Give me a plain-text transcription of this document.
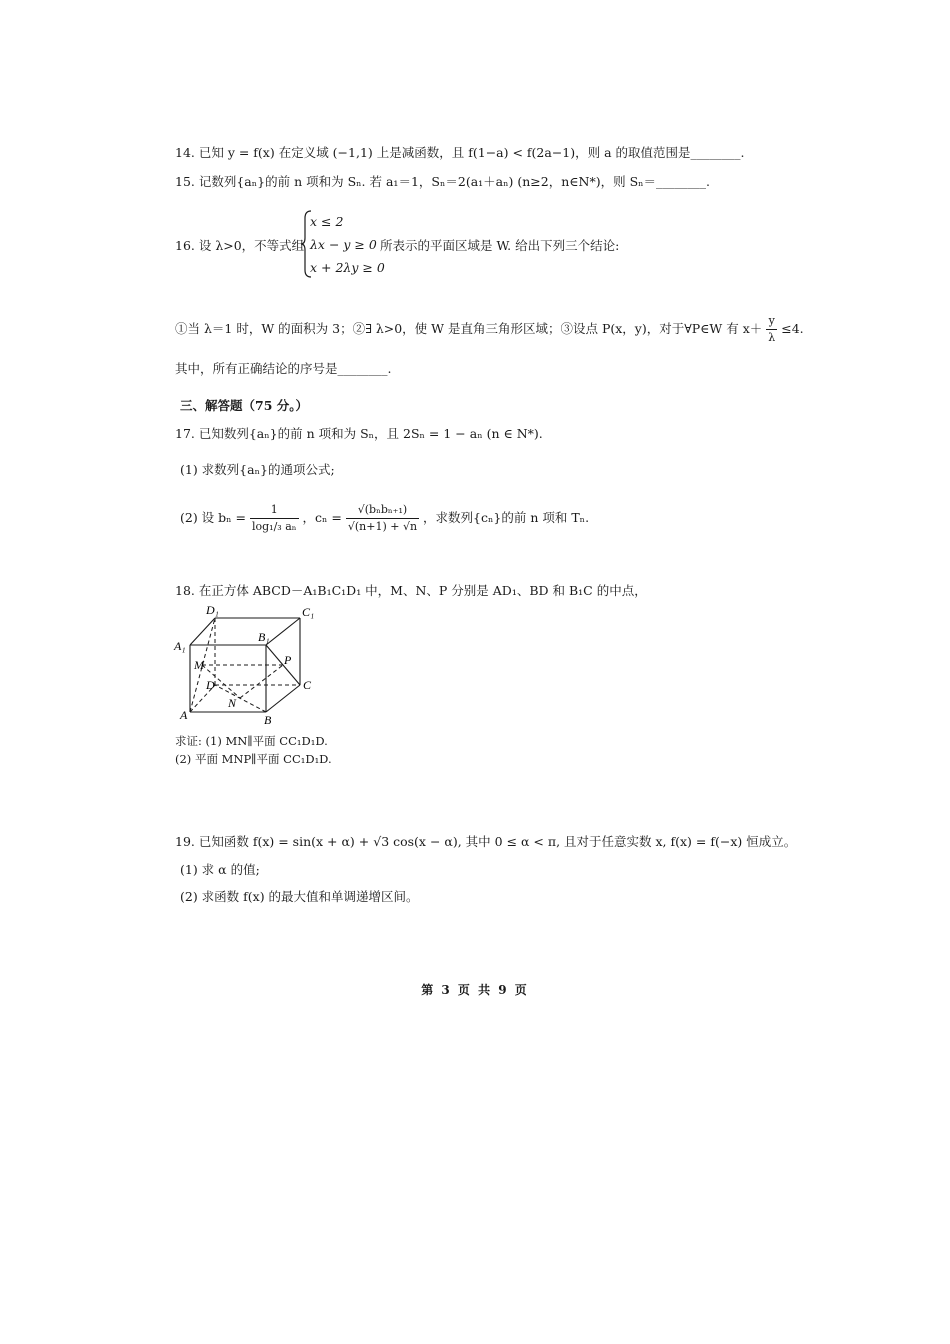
14. 已知 y = f(x) 在定义域 (−1,1) 上是减函数，且 f(1−a) < f(2a−1)，则 a 的取值范围是________.
15. 记数列{aₙ}的前 n 项和为 Sₙ. 若 a₁＝1，Sₙ＝2(a₁＋aₙ) (n≥2，n∈N*)，则 Sₙ＝________.
16. 设 λ>0，不等式组
x ≤ 2
λx − y ≥ 0
x + 2λy ≥ 0
所表示的平面区域是 W. 给出下列三个结论:
①当 λ＝1 时，W 的面积为 3；②∃ λ>0，使 W 是直角三角形区域；③设点 P(x，y)，对于∀P∈W 有 $x+ \frac{y}{\lambda} \le 4$.
其中，所有正确结论的序号是________.
三、解答题（75 分。）
17. 已知数列{aₙ}的前 n 项和为 Sₙ，且 2Sₙ = 1 − aₙ (n ∈ N*).
(1) 求数列{aₙ}的通项公式;
(2) 设 $b_n = \frac{1}{\text{log₁/₃ aₙ}}$ ，$c_n = \frac{\text{√(bₙbₙ₊₁)}}{√(n+1) + √n}$ ，求数列{cₙ}的前 n 项和 Tₙ.
18. 在正方体 ABCD－A₁B₁C₁D₁ 中，M、N、P 分别是 AD₁、BD 和 B₁C 的中点，
D₁	C₁
B₁
A₁
M	P
D	C
N
A	B
求证: (1) MN∥平面 CC₁D₁D.
(2) 平面 MNP∥平面 CC₁D₁D.
19. 已知函数 f(x) = sin(x + α) + √3 cos(x − α), 其中 0 ≤ α < π, 且对于任意实数 x, f(x) = f(−x) 恒成立。
(1) 求 α 的值;
(2) 求函数 f(x) 的最大值和单调递增区间。
第 3 页 共 9 页
